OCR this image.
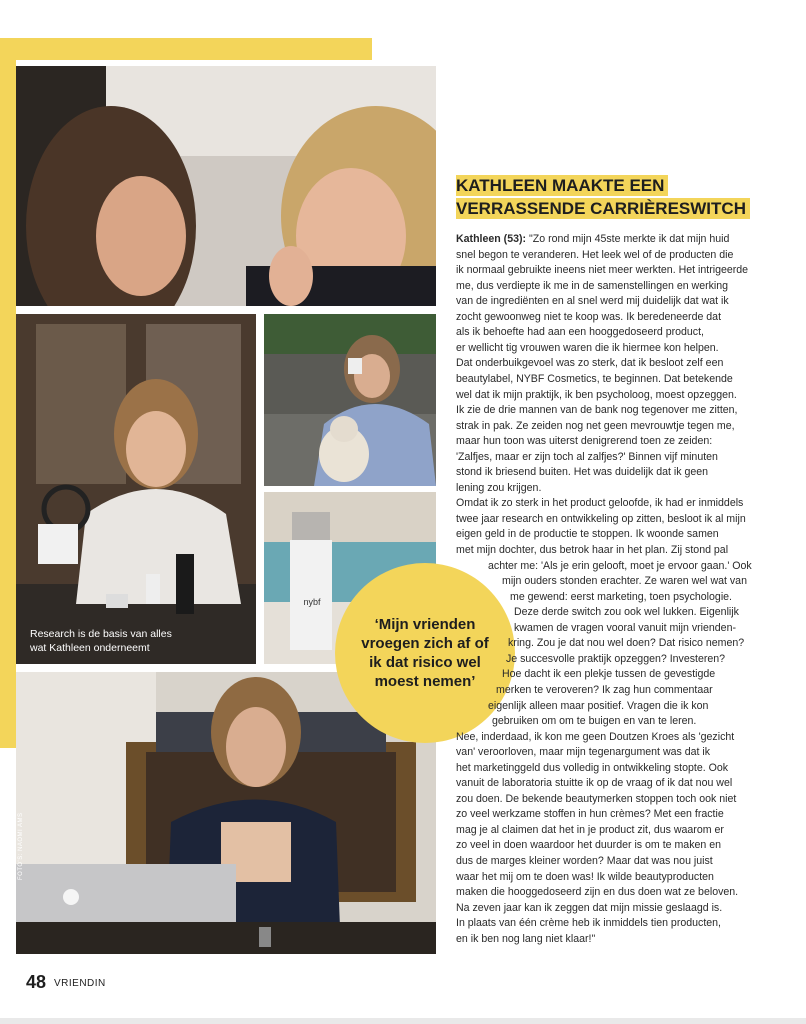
Research is de basis van alles
wat Kathleen onderneemt
nybf
FOTO'S: NAOMI AMS
KATHLEEN MAAKTE EEN
VERRASSENDE CARRIÈRESWITCH
‘Mijn vrienden vroegen zich af of ik dat risico wel moest nemen’
48 VRIENDIN
Kathleen (53): "Zo rond mijn 45ste merkte ik dat mijn huid
snel begon te veranderen. Het leek wel of de producten die
ik normaal gebruikte ineens niet meer werkten. Het intrigeerde
me, dus verdiepte ik me in de samenstellingen en werking
van de ingrediënten en al snel werd mij duidelijk dat wat ik
zocht gewoonweg niet te koop was. Ik beredeneerde dat
als ik behoefte had aan een hooggedoseerd product,
er wellicht tig vrouwen waren die ik hiermee kon helpen.
Dat onderbuikgevoel was zo sterk, dat ik besloot zelf een
beautylabel, NYBF Cosmetics, te beginnen. Dat betekende
wel dat ik mijn praktijk, ik ben psycholoog, moest opzeggen.
Ik zie de drie mannen van de bank nog tegenover me zitten,
strak in pak. Ze zeiden nog net geen mevrouwtje tegen me,
maar hun toon was uiterst denigrerend toen ze zeiden:
'Zalfjes, maar er zijn toch al zalfjes?' Binnen vijf minuten
stond ik briesend buiten. Het was duidelijk dat ik geen
lening zou krijgen.
Omdat ik zo sterk in het product geloofde, ik had er inmiddels
twee jaar research en ontwikkeling op zitten, besloot ik al mijn
eigen geld in de productie te stoppen. Ik woonde samen
met mijn dochter, dus betrok haar in het plan. Zij stond pal
achter me: 'Als je erin gelooft, moet je ervoor gaan.' Ook
mijn ouders stonden erachter. Ze waren wel wat van
me gewend: eerst marketing, toen psychologie.
Deze derde switch zou ook wel lukken. Eigenlijk
kwamen de vragen vooral vanuit mijn vrienden-
kring. Zou je dat nou wel doen? Dat risico nemen?
Je succesvolle praktijk opzeggen? Investeren?
Hoe dacht ik een plekje tussen de gevestigde
merken te veroveren? Ik zag hun commentaar
eigenlijk alleen maar positief. Vragen die ik kon
gebruiken om om te buigen en van te leren.
Nee, inderdaad, ik kon me geen Doutzen Kroes als 'gezicht
van' veroorloven, maar mijn tegenargument was dat ik
het marketinggeld dus volledig in ontwikkeling stopte. Ook
vanuit de laboratoria stuitte ik op de vraag of ik dat nou wel
zou doen. De bekende beautymerken stoppen toch ook niet
zo veel werkzame stoffen in hun crèmes? Met een fractie
mag je al claimen dat het in je product zit, dus waarom er
zo veel in doen waardoor het duurder is om te maken en
dus de marges kleiner worden? Maar dat was nou juist
waar het mij om te doen was! Ik wilde beautyproducten
maken die hooggedoseerd zijn en dus doen wat ze beloven.
Na zeven jaar kan ik zeggen dat mijn missie geslaagd is.
In plaats van één crème heb ik inmiddels tien producten,
en ik ben nog lang niet klaar!"
